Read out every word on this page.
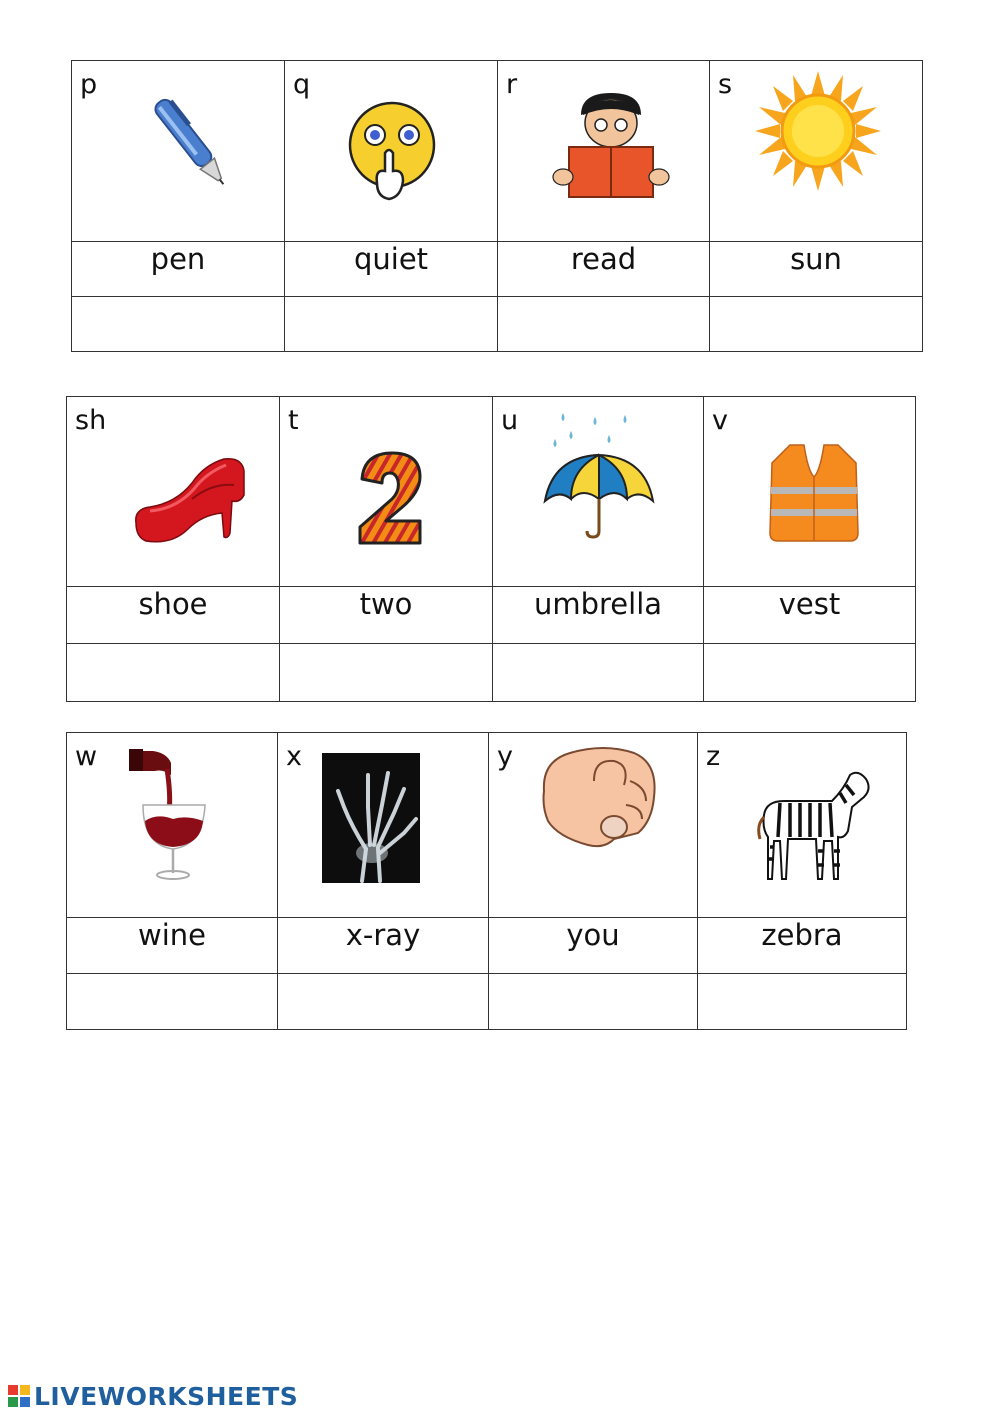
p	q	r	s

pen	quiet	read	sun

sh	t	u	v

shoe	two	umbrella	vest

w	x	y	z

wine	x-ray	you	zebra

LIVEWORKSHEETS
